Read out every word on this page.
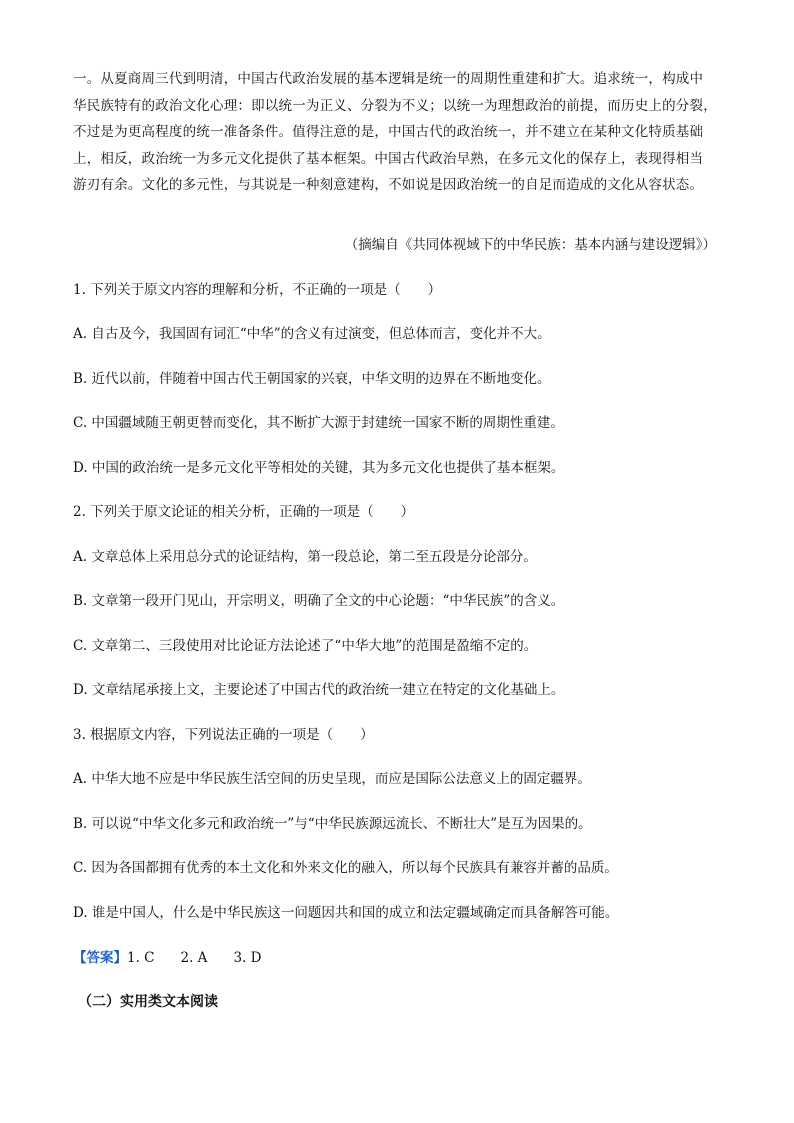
一。从夏商周三代到明清，中国古代政治发展的基本逻辑是统一的周期性重建和扩大。追求统一，构成中
华民族特有的政治文化心理：即以统一为正义、分裂为不义；以统一为理想政治的前提，而历史上的分裂，
不过是为更高程度的统一准备条件。值得注意的是，中国古代的政治统一，并不建立在某种文化特质基础
上，相反，政治统一为多元文化提供了基本框架。中国古代政治早熟，在多元文化的保存上，表现得相当
游刃有余。文化的多元性，与其说是一种刻意建构，不如说是因政治统一的自足而造成的文化从容状态。
（摘编自《共同体视域下的中华民族：基本内涵与建设逻辑》）
1. 下列关于原文内容的理解和分析，不正确的一项是（　　）
A. 自古及今，我国固有词汇“中华”的含义有过演变，但总体而言，变化并不大。
B. 近代以前，伴随着中国古代王朝国家的兴衰，中华文明的边界在不断地变化。
C. 中国疆域随王朝更替而变化，其不断扩大源于封建统一国家不断的周期性重建。
D. 中国的政治统一是多元文化平等相处的关键，其为多元文化也提供了基本框架。
2. 下列关于原文论证的相关分析，正确的一项是（　　）
A. 文章总体上采用总分式的论证结构，第一段总论，第二至五段是分论部分。
B. 文章第一段开门见山，开宗明义，明确了全文的中心论题：“中华民族”的含义。
C. 文章第二、三段使用对比论证方法论述了“中华大地”的范围是盈缩不定的。
D. 文章结尾承接上文，主要论述了中国古代的政治统一建立在特定的文化基础上。
3. 根据原文内容，下列说法正确的一项是（　　）
A. 中华大地不应是中华民族生活空间的历史呈现，而应是国际公法意义上的固定疆界。
B. 可以说“中华文化多元和政治统一”与“中华民族源远流长、不断壮大”是互为因果的。
C. 因为各国都拥有优秀的本土文化和外来文化的融入，所以每个民族具有兼容并蓄的品质。
D. 谁是中国人，什么是中华民族这一问题因共和国的成立和法定疆域确定而具备解答可能。
【答案】1. C 2. A 3. D
（二）实用类文本阅读
